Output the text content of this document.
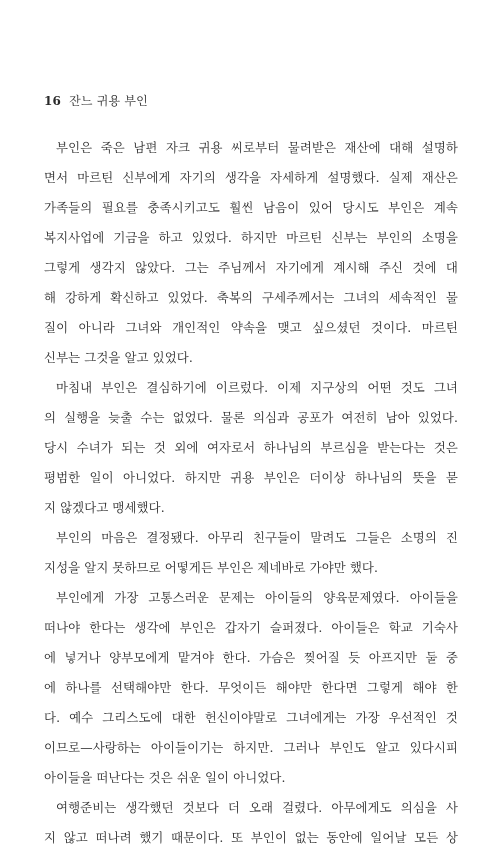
16 잔느 귀용 부인
부인은 죽은 남편 자크 귀용 씨로부터 물려받은 재산에 대해 설명하
면서 마르틴 신부에게 자기의 생각을 자세하게 설명했다. 실제 재산은
가족들의 필요를 충족시키고도 훨씬 남음이 있어 당시도 부인은 계속
복지사업에 기금을 하고 있었다. 하지만 마르틴 신부는 부인의 소명을
그렇게 생각지 않았다. 그는 주님께서 자기에게 계시해 주신 것에 대
해 강하게 확신하고 있었다. 축복의 구세주께서는 그녀의 세속적인 물
질이 아니라 그녀와 개인적인 약속을 맺고 싶으셨던 것이다. 마르틴
신부는 그것을 알고 있었다.
마침내 부인은 결심하기에 이르렀다. 이제 지구상의 어떤 것도 그녀
의 실행을 늦출 수는 없었다. 물론 의심과 공포가 여전히 남아 있었다.
당시 수녀가 되는 것 외에 여자로서 하나님의 부르심을 받는다는 것은
평범한 일이 아니었다. 하지만 귀용 부인은 더이상 하나님의 뜻을 묻
지 않겠다고 맹세했다.
부인의 마음은 결정됐다. 아무리 친구들이 말려도 그들은 소명의 진
지성을 알지 못하므로 어떻게든 부인은 제네바로 가야만 했다.
부인에게 가장 고통스러운 문제는 아이들의 양육문제였다. 아이들을
떠나야 한다는 생각에 부인은 갑자기 슬퍼졌다. 아이들은 학교 기숙사
에 넣거나 양부모에게 맡겨야 한다. 가슴은 찢어질 듯 아프지만 둘 중
에 하나를 선택해야만 한다. 무엇이든 해야만 한다면 그렇게 해야 한
다. 예수 그리스도에 대한 헌신이야말로 그녀에게는 가장 우선적인 것
이므로—사랑하는 아이들이기는 하지만. 그러나 부인도 알고 있다시피
아이들을 떠난다는 것은 쉬운 일이 아니었다.
여행준비는 생각했던 것보다 더 오래 걸렸다. 아무에게도 의심을 사
지 않고 떠나려 했기 때문이다. 또 부인이 없는 동안에 일어날 모든 상
